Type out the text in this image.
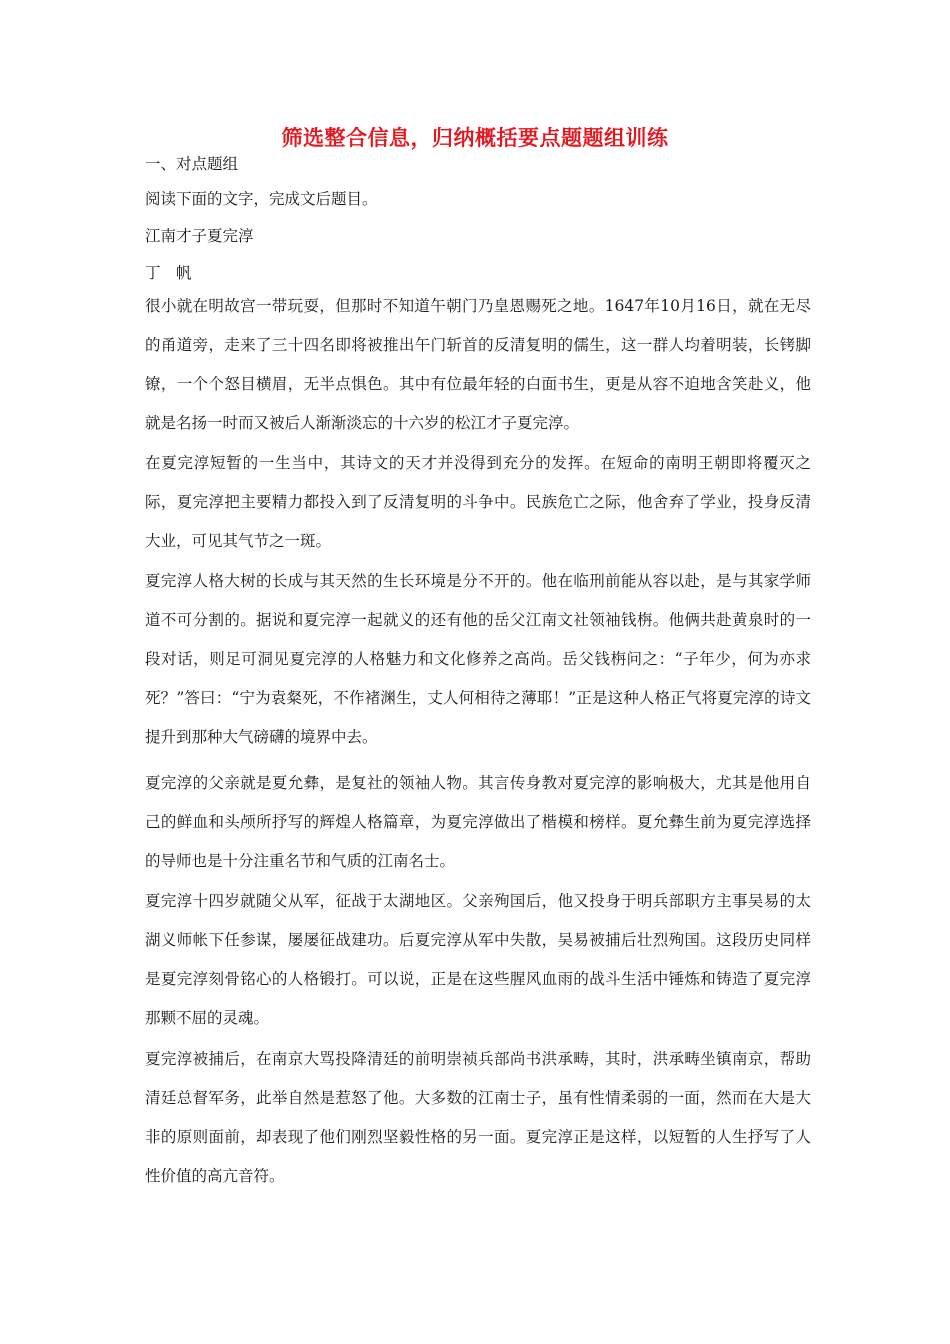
筛选整合信息，归纳概括要点题题组训练
一、对点题组
阅读下面的文字，完成文后题目。
江南才子夏完淳
丁　帆
很小就在明故宫一带玩耍，但那时不知道午朝门乃皇恩赐死之地。1647年10月16日，就在无尽的甬道旁，走来了三十四名即将被推出午门斩首的反清复明的儒生，这一群人均着明装，长铐脚镣，一个个怒目横眉，无半点惧色。其中有位最年轻的白面书生，更是从容不迫地含笑赴义，他就是名扬一时而又被后人渐渐淡忘的十六岁的松江才子夏完淳。
在夏完淳短暂的一生当中，其诗文的天才并没得到充分的发挥。在短命的南明王朝即将覆灭之际，夏完淳把主要精力都投入到了反清复明的斗争中。民族危亡之际，他舍弃了学业，投身反清大业，可见其气节之一斑。
夏完淳人格大树的长成与其天然的生长环境是分不开的。他在临刑前能从容以赴，是与其家学师道不可分割的。据说和夏完淳一起就义的还有他的岳父江南文社领袖钱栴。他俩共赴黄泉时的一段对话，则足可洞见夏完淳的人格魅力和文化修养之高尚。岳父钱栴问之：“子年少，何为亦求死？”答曰：“宁为袁粲死，不作褚渊生，丈人何相待之薄耶！”正是这种人格正气将夏完淳的诗文提升到那种大气磅礴的境界中去。
夏完淳的父亲就是夏允彝，是复社的领袖人物。其言传身教对夏完淳的影响极大，尤其是他用自己的鲜血和头颅所抒写的辉煌人格篇章，为夏完淳做出了楷模和榜样。夏允彝生前为夏完淳选择的导师也是十分注重名节和气质的江南名士。
夏完淳十四岁就随父从军，征战于太湖地区。父亲殉国后，他又投身于明兵部职方主事吴易的太湖义师帐下任参谋，屡屡征战建功。后夏完淳从军中失散，吴易被捕后壮烈殉国。这段历史同样是夏完淳刻骨铭心的人格锻打。可以说，正是在这些腥风血雨的战斗生活中锤炼和铸造了夏完淳那颗不屈的灵魂。
夏完淳被捕后，在南京大骂投降清廷的前明崇祯兵部尚书洪承畴，其时，洪承畴坐镇南京，帮助清廷总督军务，此举自然是惹怒了他。大多数的江南士子，虽有性情柔弱的一面，然而在大是大非的原则面前，却表现了他们刚烈坚毅性格的另一面。夏完淳正是这样，以短暂的人生抒写了人性价值的高亢音符。
